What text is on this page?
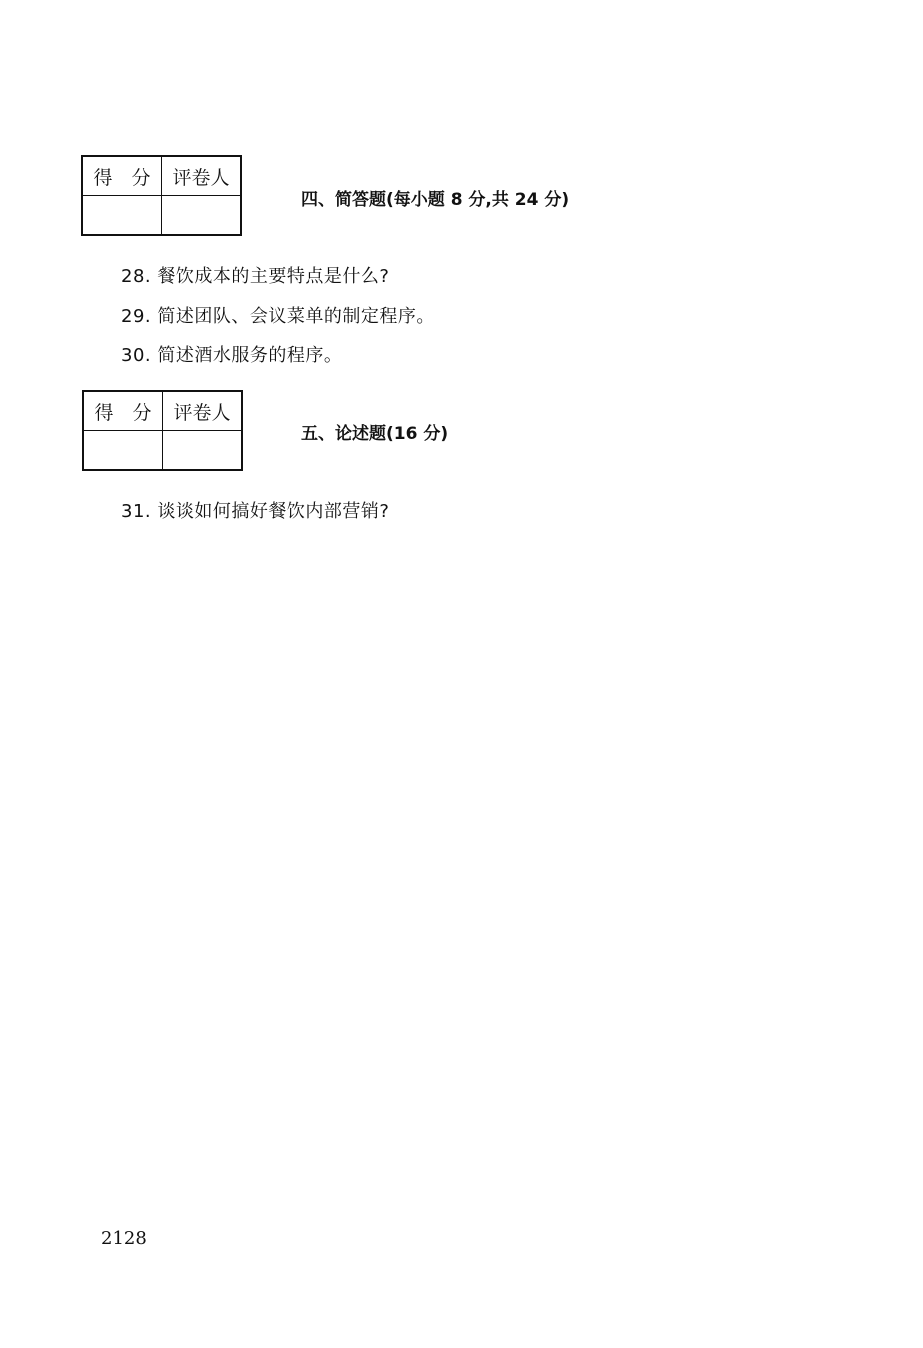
得　分	评卷人

四、简答题(每小题 8 分,共 24 分)
28. 餐饮成本的主要特点是什么?
29. 简述团队、会议菜单的制定程序。
30. 简述酒水服务的程序。
得　分	评卷人

五、论述题(16 分)
31. 谈谈如何搞好餐饮内部营销?
2128
